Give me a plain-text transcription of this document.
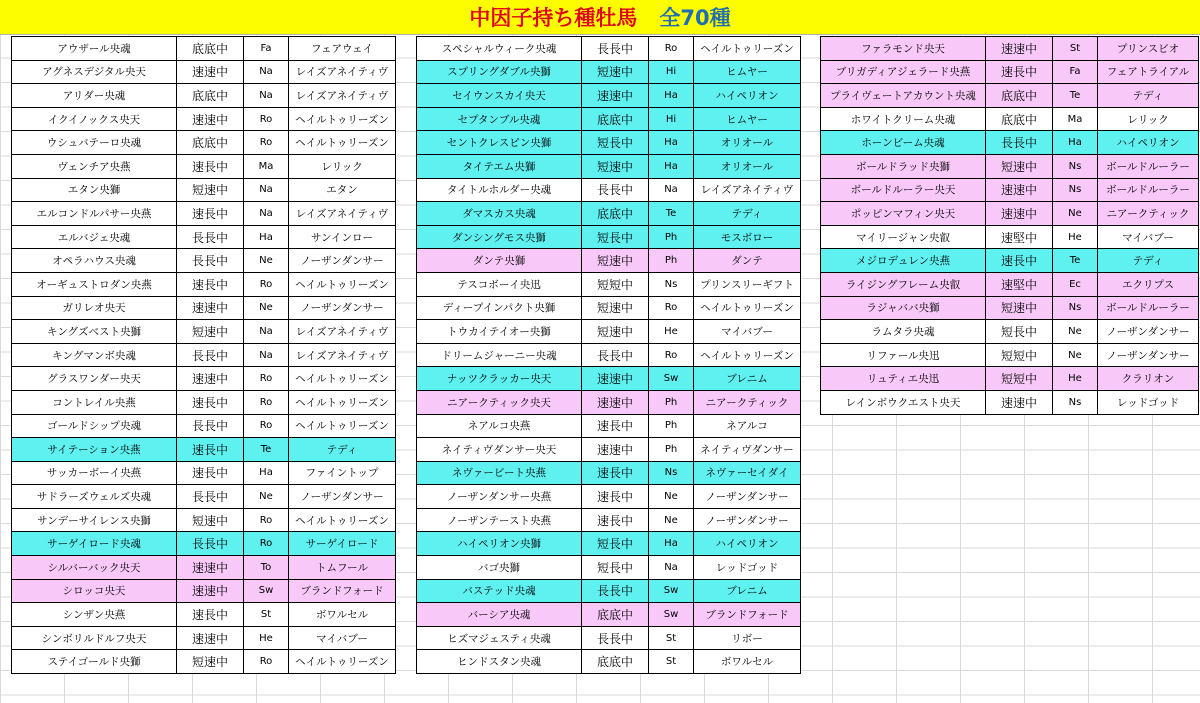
中因子持ち種牡馬 全70種
アウザール央魂	底底中	Fa	フェアウェイ
アグネスデジタル央天	速速中	Na	レイズアネイティヴ
アリダー央魂	底底中	Na	レイズアネイティヴ
イクイノックス央天	速速中	Ro	ヘイルトゥリーズン
ウシュバテーロ央魂	底底中	Ro	ヘイルトゥリーズン
ヴェンチア央燕	速長中	Ma	レリック
エタン央獅	短速中	Na	エタン
エルコンドルパサー央燕	速長中	Na	レイズアネイティヴ
エルバジェ央魂	長長中	Ha	サンインロー
オペラハウス央魂	長長中	Ne	ノーザンダンサー
オーギュストロダン央燕	速長中	Ro	ヘイルトゥリーズン
ガリレオ央天	速速中	Ne	ノーザンダンサー
キングズベスト央獅	短速中	Na	レイズアネイティヴ
キングマンボ央魂	長長中	Na	レイズアネイティヴ
グラスワンダー央天	速速中	Ro	ヘイルトゥリーズン
コントレイル央燕	速長中	Ro	ヘイルトゥリーズン
ゴールドシップ央魂	長長中	Ro	ヘイルトゥリーズン
サイテーション央燕	速長中	Te	テディ
サッカーボーイ央燕	速長中	Ha	ファイントップ
サドラーズウェルズ央魂	長長中	Ne	ノーザンダンサー
サンデーサイレンス央獅	短速中	Ro	ヘイルトゥリーズン
サーゲイロード央魂	長長中	Ro	サーゲイロード
シルバーバック央天	速速中	To	トムフール
シロッコ央天	速速中	Sw	ブランドフォード
シンザン央燕	速長中	St	ボワルセル
シンボリルドルフ央天	速速中	He	マイバブー
ステイゴールド央獅	短速中	Ro	ヘイルトゥリーズン
スペシャルウィーク央魂	長長中	Ro	ヘイルトゥリーズン
スプリングダブル央獅	短速中	Hi	ヒムヤー
セイウンスカイ央天	速速中	Ha	ハイペリオン
セプタンブル央魂	底底中	Hi	ヒムヤー
セントクレスピン央獅	短長中	Ha	オリオール
タイテエム央獅	短速中	Ha	オリオール
タイトルホルダー央魂	長長中	Na	レイズアネイティヴ
ダマスカス央魂	底底中	Te	テディ
ダンシングモス央獅	短長中	Ph	モスボロー
ダンテ央獅	短速中	Ph	ダンテ
テスコボーイ央迅	短短中	Ns	プリンスリーギフト
ディープインパクト央獅	短速中	Ro	ヘイルトゥリーズン
トウカイテイオー央獅	短速中	He	マイバブー
ドリームジャーニー央魂	長長中	Ro	ヘイルトゥリーズン
ナッツクラッカー央天	速速中	Sw	ブレニム
ニアークティック央天	速速中	Ph	ニアークティック
ネアルコ央燕	速長中	Ph	ネアルコ
ネイティヴダンサー央天	速速中	Ph	ネイティヴダンサー
ネヴァービート央燕	速長中	Ns	ネヴァーセイダイ
ノーザンダンサー央燕	速長中	Ne	ノーザンダンサー
ノーザンテースト央燕	速長中	Ne	ノーザンダンサー
ハイペリオン央獅	短長中	Ha	ハイペリオン
バゴ央獅	短長中	Na	レッドゴッド
バステッド央魂	長長中	Sw	ブレニム
バーシア央魂	底底中	Sw	ブランドフォード
ヒズマジェスティ央魂	長長中	St	リボー
ヒンドスタン央魂	底底中	St	ボワルセル
ファラモンド央天	速速中	St	プリンスビオ
ブリガディアジェラード央燕	速長中	Fa	フェアトライアル
プライヴェートアカウント央魂	底底中	Te	テディ
ホワイトクリーム央魂	底底中	Ma	レリック
ホーンビーム央魂	長長中	Ha	ハイペリオン
ボールドラッド央獅	短速中	Ns	ボールドルーラー
ボールドルーラー央天	速速中	Ns	ボールドルーラー
ポッピンマフィン央天	速速中	Ne	ニアークティック
マイリージャン央叡	速堅中	He	マイバブー
メジロデュレン央燕	速長中	Te	テディ
ライジングフレーム央叡	速堅中	Ec	エクリプス
ラジャババ央獅	短速中	Ns	ボールドルーラー
ラムタラ央魂	短長中	Ne	ノーザンダンサー
リファール央迅	短短中	Ne	ノーザンダンサー
リュティエ央迅	短短中	He	クラリオン
レインボウクエスト央天	速速中	Ns	レッドゴッド
